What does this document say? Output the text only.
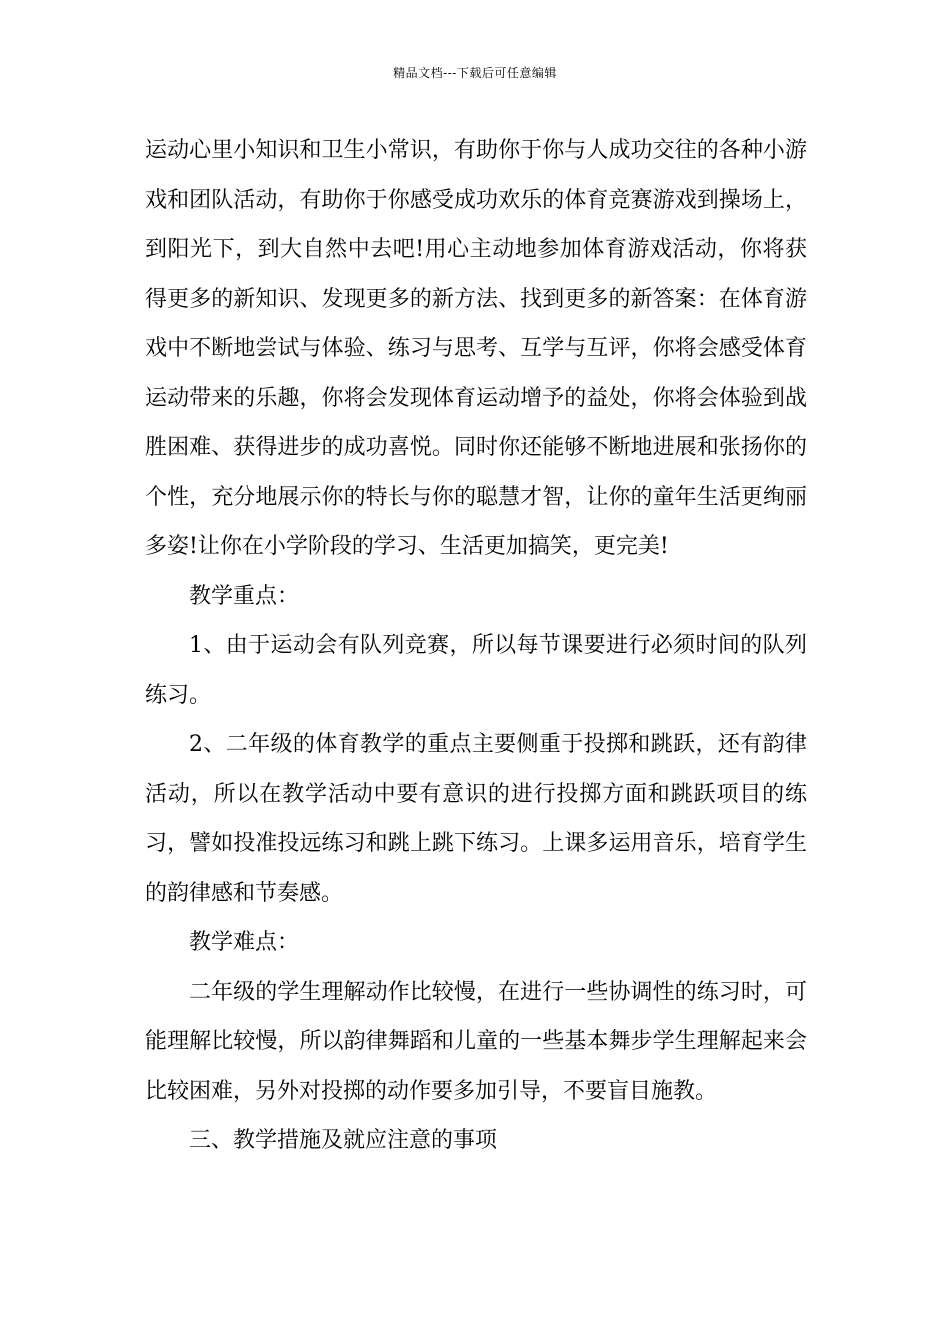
精品文档---下载后可任意编辑

运动心里小知识和卫生小常识，有助你于你与人成功交往的各种小游戏和团队活动，有助你于你感受成功欢乐的体育竞赛游戏到操场上，到阳光下，到大自然中去吧!用心主动地参加体育游戏活动，你将获得更多的新知识、发现更多的新方法、找到更多的新答案：在体育游戏中不断地尝试与体验、练习与思考、互学与互评，你将会感受体育运动带来的乐趣，你将会发现体育运动增予的益处，你将会体验到战胜困难、获得进步的成功喜悦。同时你还能够不断地进展和张扬你的个性，充分地展示你的特长与你的聪慧才智，让你的童年生活更绚丽多姿!让你在小学阶段的学习、生活更加搞笑，更完美!

教学重点：

1、由于运动会有队列竞赛，所以每节课要进行必须时间的队列练习。

2、二年级的体育教学的重点主要侧重于投掷和跳跃，还有韵律活动，所以在教学活动中要有意识的进行投掷方面和跳跃项目的练习，譬如投准投远练习和跳上跳下练习。上课多运用音乐，培育学生的韵律感和节奏感。

教学难点：

二年级的学生理解动作比较慢，在进行一些协调性的练习时，可能理解比较慢，所以韵律舞蹈和儿童的一些基本舞步学生理解起来会比较困难，另外对投掷的动作要多加引导，不要盲目施教。

三、教学措施及就应注意的事项
